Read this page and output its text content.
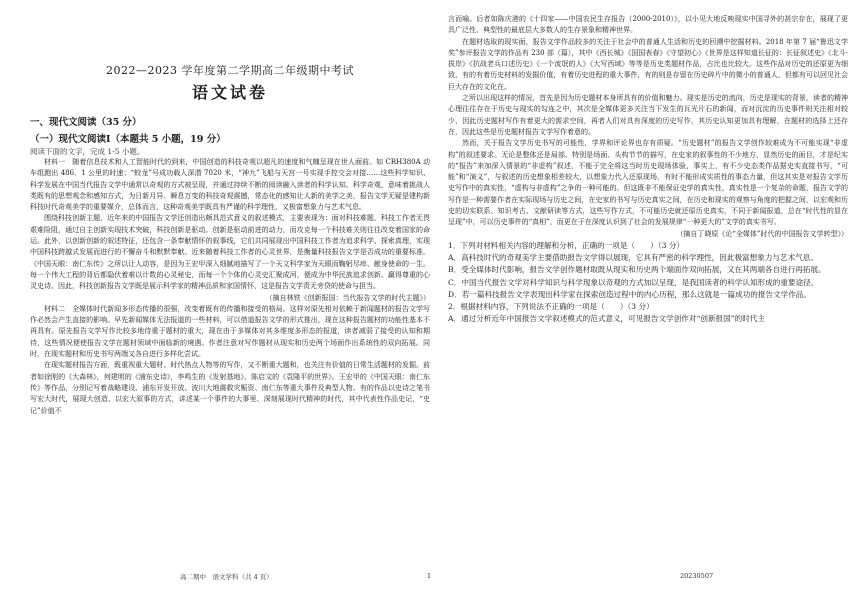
2022—2023 学年度第二学期高二年级期中考试
语文试卷
一、现代文阅读（35 分）
（一）现代文阅读Ⅰ（本题共 5 小题，19 分）
阅读下面的文字，完成 1-5 小题。

材料一　随着信息技术和人工智能时代的到来，中国创造的科技奇观以超凡的速度和气魄呈现在世人面前。如 CRH380A 动车组跑出 486．1 公里的时速；“蛟龙”号成功载人深潜 7020 米，“神九”飞船与天宫一号实现手控交会对接……这些科学知识、科学发展在中国当代报告文学中通常以奇观的方式被呈现，并通过持续不断的阅读融入读者的科学认知。科学奇观，意味着挑战人类既有的思想观念和感知方式，为日新月异、瞬息万变的科技奇观震撼，常态化的感知让人新的美学之美，报告文学无疑是建构新科技时代奇观美学的重要媒介，总体而言，这种奇观美学既具有严谨的科学理性，又极富想象力与艺术气息。

围绕科技创新主题，近年来的中国报告文学还创造出颇具范式意义的叙述模式，主要表现为：面对科技难题，科技工作者无畏艰难险阻，通过自主创新实现技术突破，科技创新是驱动。创新是驱动前进的动力，而攻克每一个科技难关则往往改变着国家的命运。此外，以创新创新的叙述特征，还包含一条奉献情怀的叙事线，它们共同展现出中国科技工作者为追求科学、探索真理，实现中国科技跨越式发展而进行的不懈奋斗和默默奉献。近来随着科技工作者的心灵世界，是衡量科技报告文学是否成功的重要标准。《中国天眼：南仁东传》之所以让人动容，是因为王宏甲深入细腻地描写了一个天文科学家为天眼而鞠躬尽瘁、献身使命的一生。每一个伟大工程的背后都隐伏着难以计数的心灵秘史，而每一个个体的心灵史汇聚成河，便成为中华民族追求创新、赢得尊重的心灵史诗。因此，科技创新报告文学既是展示科学家的精神品质和家国情怀，这是报告文学责无旁贷的使命与担当。

（摘自林铁《创新报国：当代报告文学的时代主题》）

材料二　全媒体时代新闻多形态传播的很强，改变着既有的传播和接受的格局。这样对原先相对依赖于新闻题材的报告文学写作必然会产生直接的影响。早先新闻媒体无法报道的一些材料，可以借道报告文学的形式推出，现在这种报告题材的功能性基本不再具有。原先报告文学写作比较多地侍重于题材的重大，现在由于多媒体对其多维度多形态的报道，读者减弱了接受的认知和期待，这些情况便使报告文学在题材领域中面临新的境遇。作者注意对写作题材从现实和历史两个场面作出系统性的双向拓展。同时，在现实题材和历史书写两端又各自进行多样化尝试。

在现实题材报告方面，既重视重大题材、时代热点人物等的写作，又不断重大题和，也关注有价值的日常生活题材的发掘。前者如徐刚的《大森林》，何建明的《浦东史诗》，李鸣生的《发射基地》、陈启文的《袁隆平的世界》。王宏甲的《中国天眼：南仁东传》等作品，分别记写着战略建设、浦东开发开放、波川大地震救灾赈资、南仁东等重大事件及典型人物。有的作品以史诗之笔书写宏大时代，展现大创造、以宏大叙事的方式，讲述某一个事件的大事里、深刻展现时代精神的时代，其中代表性作品史记，“史记”价值不

言而喻。后者如陈庆港的《十四家——中国农民生存报告（2000-2010）》，以小见大地反映现实中国寻外的甚宗存在，展现了更具广泛性、典型性的最底层大多数人的生存景象和精神世界。

在题材选取的现实面，报告文学作品较多的关注于社会中的普通人生活和历史的回溯中挖掘材料。2018 年第 7 届“鲁迅文学奖”参评报告文学的作品有 230 部（篇），其中《西长城》《国国表春》《守望初心》《世界是这样知道长征的：长征叙述史》《北斗·拔岸》《抗战老兵口述历史》《一个流氓的人》《大写西域》等等是历史类题材作品，占比也比较大。这些作品对历史的还原更为细致，有的有着历史材料的发掘价值，有着历史进程的重大事件，有的则是存留在历史碎片中的微小的普通人，但都有可以回见社会巨大存在的文化在。

之所以出现这样的情况，首先是因为历史题材本身所具有的价值和魅力。现实是历史的流向，历史是现实的背景，读者的精神心理往往存在于历史与现实的勾连之中，其次是全媒体更多关注当下发生的瓦光片石的新闻，而对沉淀的历史事件则关注相对较少，因此历史题材写作有着更大的需求空间，再者人们对具有深度的历史写作，其历史认知更加具有理解，在题材的选择上还存在，因此这些是历史题材报告文学写作着意的。

然而，关于报告文学历史书写的可能性，学界和评论界也存有质疑。“历史题材”的报告文学创作较难成为不可能实现“非虚构”的叙述要求。无论是整体还是局部、特别是场面、头构节节的描写，在史家的叙事性的不少地方，显然历史的面目，才是纪实的“报告”来加深入情景的“非虚构”叙述，不能于完全将这当时历史现场体验，事实上，有不少史态类作品据史实直接书写，“可能”和“演义”，与叙述的历史想象相差较大，以想象力代入还原现场，有时不能形成实质性的事态力量，但这其实是对报告文学历史写作中的真实性，“虚构与非虚构”之争的一种可能的。但这既非不能保证史学的真实性，真实性是一个复杂的命题，报告文学的写作是一种需要作者在实际现场与历史之间，在史家的书写与历史真实之间，在历史和现实的观察与角度的把握之间，以宏观和历史的切实联系、知识考古、文献研读等方式，这些写作方式，不可能历史就还原历史真实，不同于新闻报道，总在“时代性的显在呈现”中，可以历史事件的“真相”，而更在于在深度认识到了社会的发展规律“一种更大的”文学的真实书写。

（摘自丁晓原《论“全媒体”时代的中国报告文学转型》）

1．下列对材料相关内容的理解和分析，正确的一项是（　　）（3 分）

A．高科技时代的奇观美学主要借助报告文学得以展现，它具有严密的科学理性，因此极富想象力与艺术气息。

B．受全媒体时代影响，报告文学创作题材取既从现实和历史两个端面作双向拓展，又在其两端各自进行再拓展。

C．中国当代报告文学对科学知识与科学现象以奇观的方式加以呈现，是我国读者的科学认知形成的重要途径。

D．若一篇科技报告文学表现出科学家在探索创造过程中的内心历程，那么这就是一篇成功的报告文学作品。

2．根据材料内容，下列说法不正确的一项是（　　）（3 分）

A．通过分析近年中国报告文学叙述模式的范式意义，可见报告文学创作对“创新报国”的时代主

高二期中　语文学科（共 4 页）	1	20230507
